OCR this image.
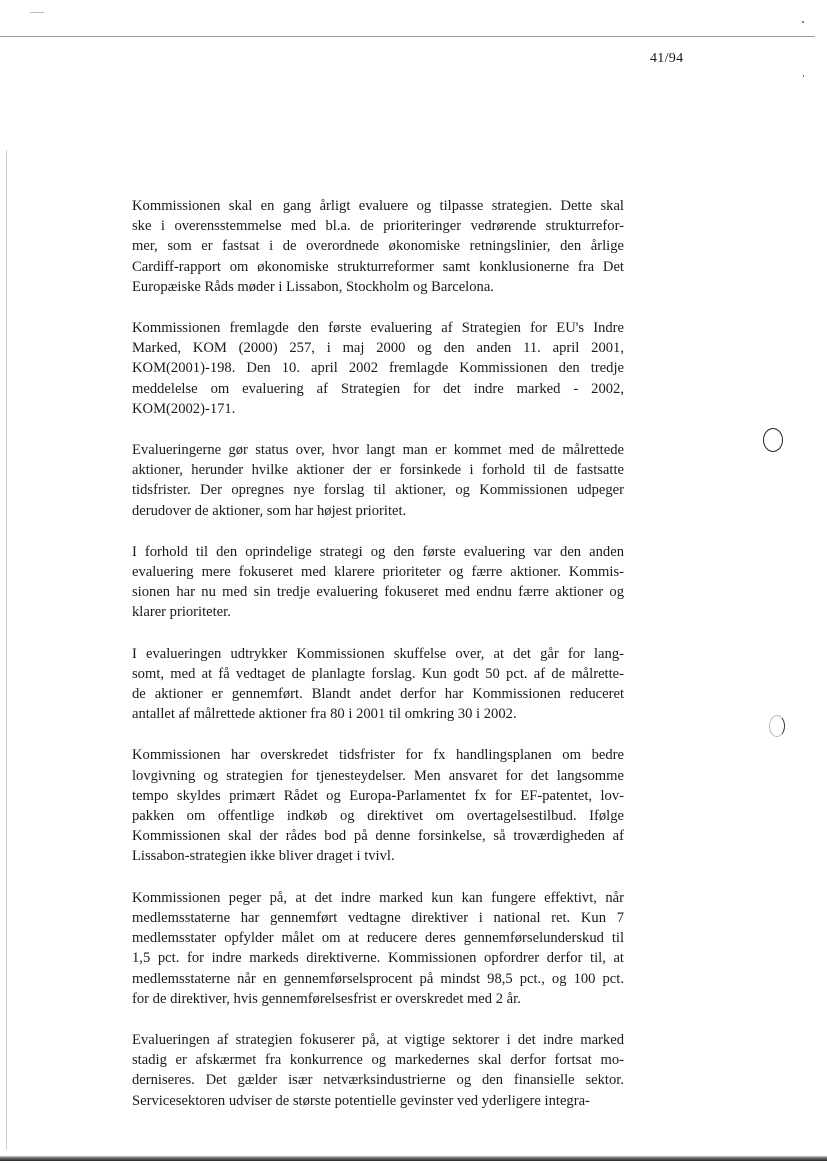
41/94
Kommissionen skal en gang årligt evaluere og tilpasse strategien. Dette skal
ske i overensstemmelse med bl.a. de prioriteringer vedrørende strukturrefor-
mer, som er fastsat i de overordnede økonomiske retningslinier, den årlige
Cardiff-rapport om økonomiske strukturreformer samt konklusionerne fra Det
Europæiske Råds møder i Lissabon, Stockholm og Barcelona.
Kommissionen fremlagde den første evaluering af Strategien for EU's Indre
Marked, KOM (2000) 257, i maj 2000 og den anden 11. april 2001,
KOM(2001)-198. Den 10. april 2002 fremlagde Kommissionen den tredje
meddelelse om evaluering af Strategien for det indre marked - 2002,
KOM(2002)-171.
Evalueringerne gør status over, hvor langt man er kommet med de målrettede
aktioner, herunder hvilke aktioner der er forsinkede i forhold til de fastsatte
tidsfrister. Der opregnes nye forslag til aktioner, og Kommissionen udpeger
derudover de aktioner, som har højest prioritet.
I forhold til den oprindelige strategi og den første evaluering var den anden
evaluering mere fokuseret med klarere prioriteter og færre aktioner. Kommis-
sionen har nu med sin tredje evaluering fokuseret med endnu færre aktioner og
klarer prioriteter.
I evalueringen udtrykker Kommissionen skuffelse over, at det går for lang-
somt, med at få vedtaget de planlagte forslag. Kun godt 50 pct. af de målrette-
de aktioner er gennemført. Blandt andet derfor har Kommissionen reduceret
antallet af målrettede aktioner fra 80 i 2001 til omkring 30 i 2002.
Kommissionen har overskredet tidsfrister for fx handlingsplanen om bedre
lovgivning og strategien for tjenesteydelser. Men ansvaret for det langsomme
tempo skyldes primært Rådet og Europa-Parlamentet fx for EF-patentet, lov-
pakken om offentlige indkøb og direktivet om overtagelsestilbud. Ifølge
Kommissionen skal der rådes bod på denne forsinkelse, så troværdigheden af
Lissabon-strategien ikke bliver draget i tvivl.
Kommissionen peger på, at det indre marked kun kan fungere effektivt, når
medlemsstaterne har gennemført vedtagne direktiver i national ret. Kun 7
medlemsstater opfylder målet om at reducere deres gennemførselunderskud til
1,5 pct. for indre markeds direktiverne. Kommissionen opfordrer derfor til, at
medlemsstaterne når en gennemførselsprocent på mindst 98,5 pct., og 100 pct.
for de direktiver, hvis gennemførelsesfrist er overskredet med 2 år.
Evalueringen af strategien fokuserer på, at vigtige sektorer i det indre marked
stadig er afskærmet fra konkurrence og markedernes skal derfor fortsat mo-
derniseres. Det gælder især netværksindustrierne og den finansielle sektor.
Servicesektoren udviser de største potentielle gevinster ved yderligere integra-
